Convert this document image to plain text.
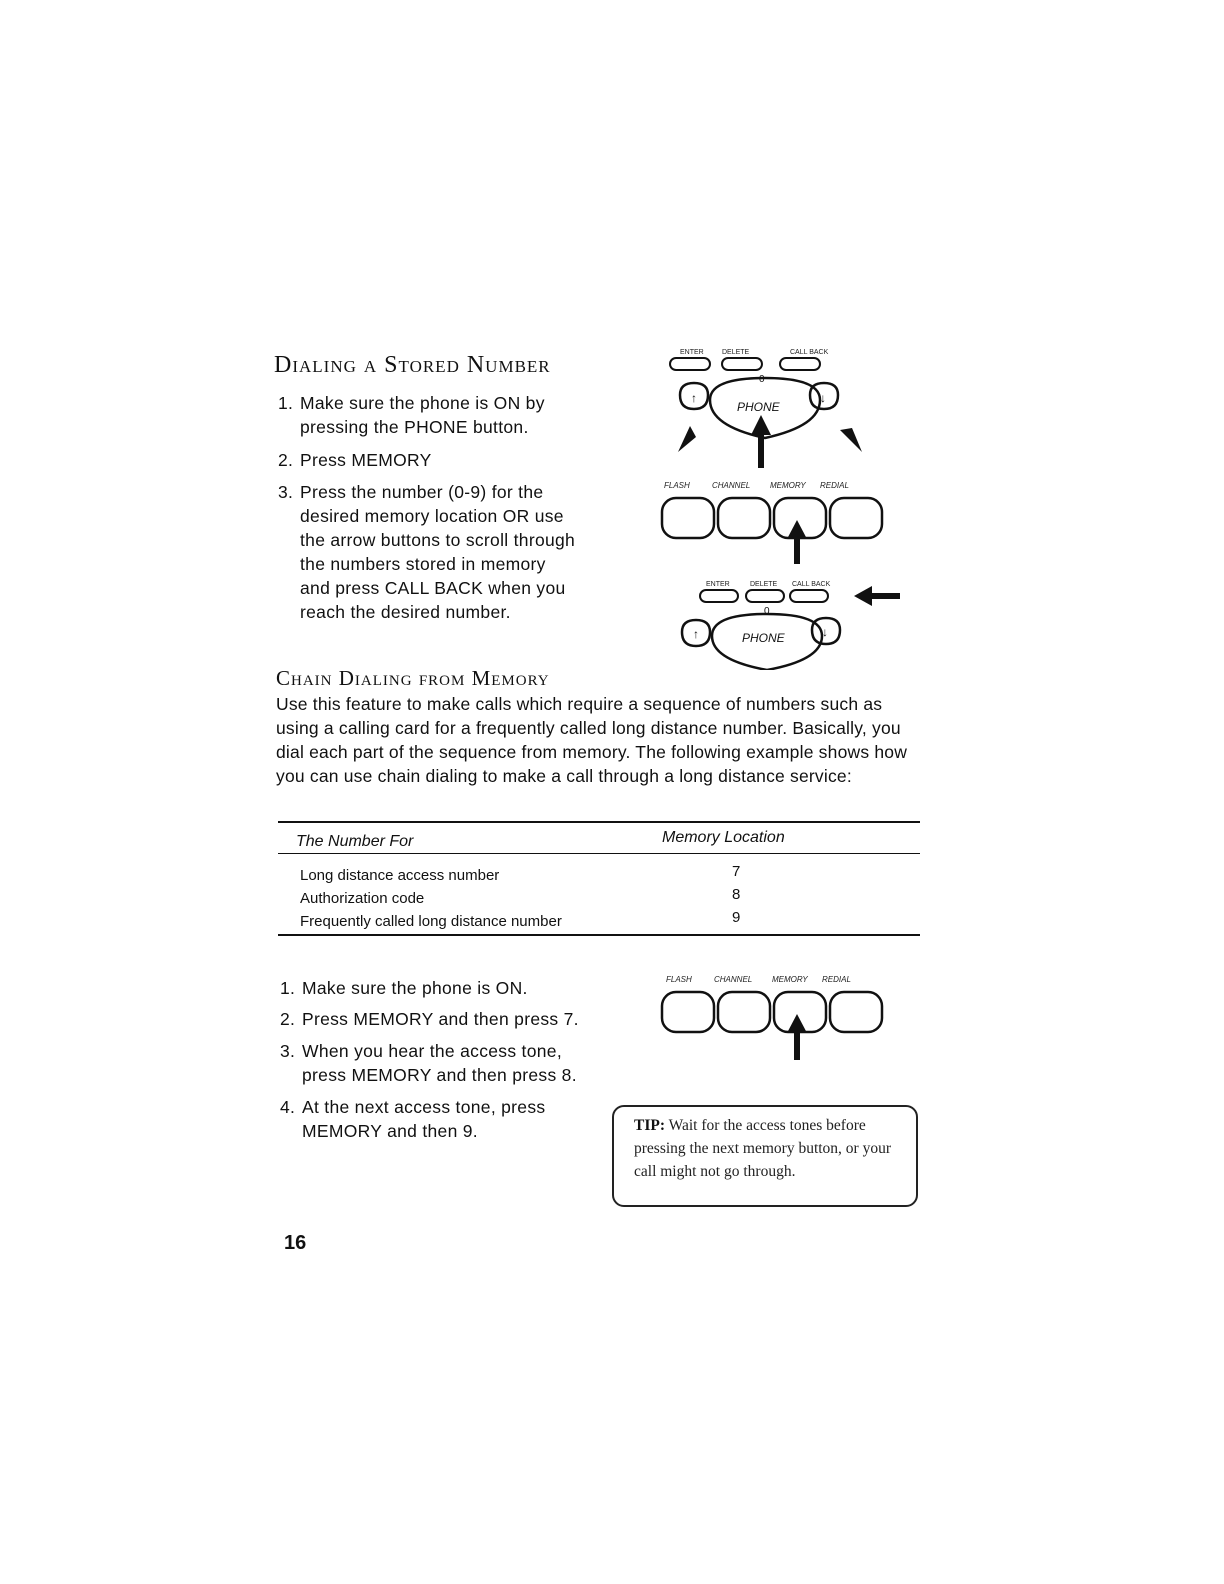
Dialing a Stored Number
1. Make sure the phone is ON by pressing the PHONE button.
2. Press MEMORY
3. Press the number (0-9) for the desired memory location OR use the arrow buttons to scroll through the numbers stored in memory and press CALL BACK when you reach the desired number.
ENTER	DELETE	CALL BACK
0
↑	↓
PHONE
FLASH	CHANNEL MEMORY REDIAL
ENTER	DELETE CALL BACK
0
↑	↓
PHONE
Chain Dialing from Memory
Use this feature to make calls which require a sequence of numbers such as using a calling card for a frequently called long distance number. Basically, you dial each part of the sequence from memory. The following example shows how you can use chain dialing to make a call through a long distance service:
The Number For	Memory Location
Long distance access number	7
Authorization code	8
Frequently called long distance number	9
1. Make sure the phone is ON.
2. Press MEMORY and then press 7.
3. When you hear the access tone, press MEMORY and then press 8.
4. At the next access tone, press MEMORY and then 9.
FLASH	CHANNEL MEMORY REDIAL
TIP: Wait for the access tones before pressing the next memory button, or your call might not go through.
16
